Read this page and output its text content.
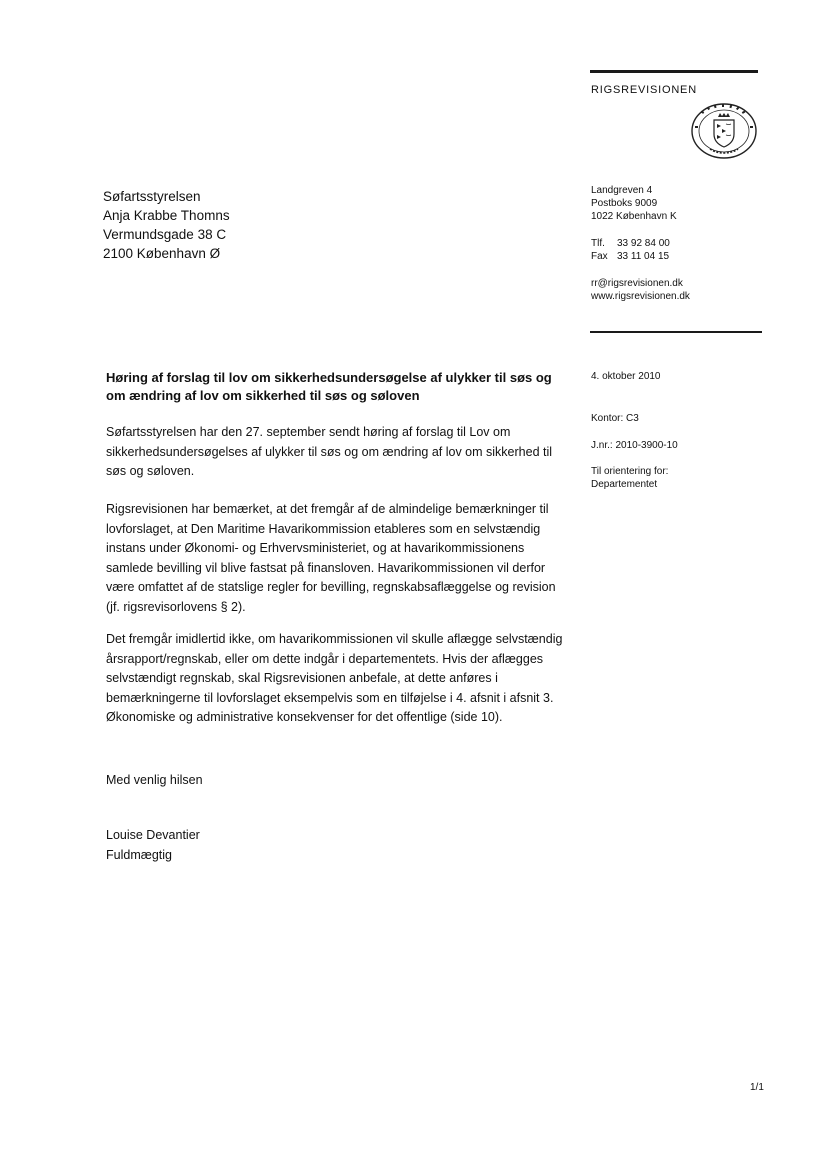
RIGSREVISIONEN
Søfartsstyrelsen
Anja Krabbe Thomns
Vermundsgade 38 C
2100 København Ø
Landgreven 4
Postboks 9009
1022 København K
Tlf. 33 92 84 00
Fax 33 11 04 15
rr@rigsrevisionen.dk
www.rigsrevisionen.dk
4. oktober 2010
Kontor: C3
J.nr.: 2010-3900-10
Til orientering for:
Departementet
Høring af forslag til lov om sikkerhedsundersøgelse af ulykker til søs og om ændring af lov om sikkerhed til søs og søloven
Søfartsstyrelsen har den 27. september sendt høring af forslag til Lov om sikkerhedsundersøgelses af ulykker til søs og om ændring af lov om sikkerhed til søs og søloven.
Rigsrevisionen har bemærket, at det fremgår af de almindelige bemærkninger til lovforslaget, at Den Maritime Havarikommission etableres som en selvstændig instans under Økonomi- og Erhvervsministeriet, og at havarikommissionens samlede bevilling vil blive fastsat på finansloven. Havarikommissionen vil derfor være omfattet af de statslige regler for bevilling, regnskabsaflæggelse og revision (jf. rigsrevisorlovens § 2).
Det fremgår imidlertid ikke, om havarikommissionen vil skulle aflægge selvstændig årsrapport/regnskab, eller om dette indgår i departementets. Hvis der aflægges selvstændigt regnskab, skal Rigsrevisionen anbefale, at dette anføres i bemærkningerne til lovforslaget eksempelvis som en tilføjelse i 4. afsnit i afsnit 3. Økonomiske og administrative konsekvenser for det offentlige (side 10).
Med venlig hilsen
Louise Devantier
Fuldmægtig
1/1
